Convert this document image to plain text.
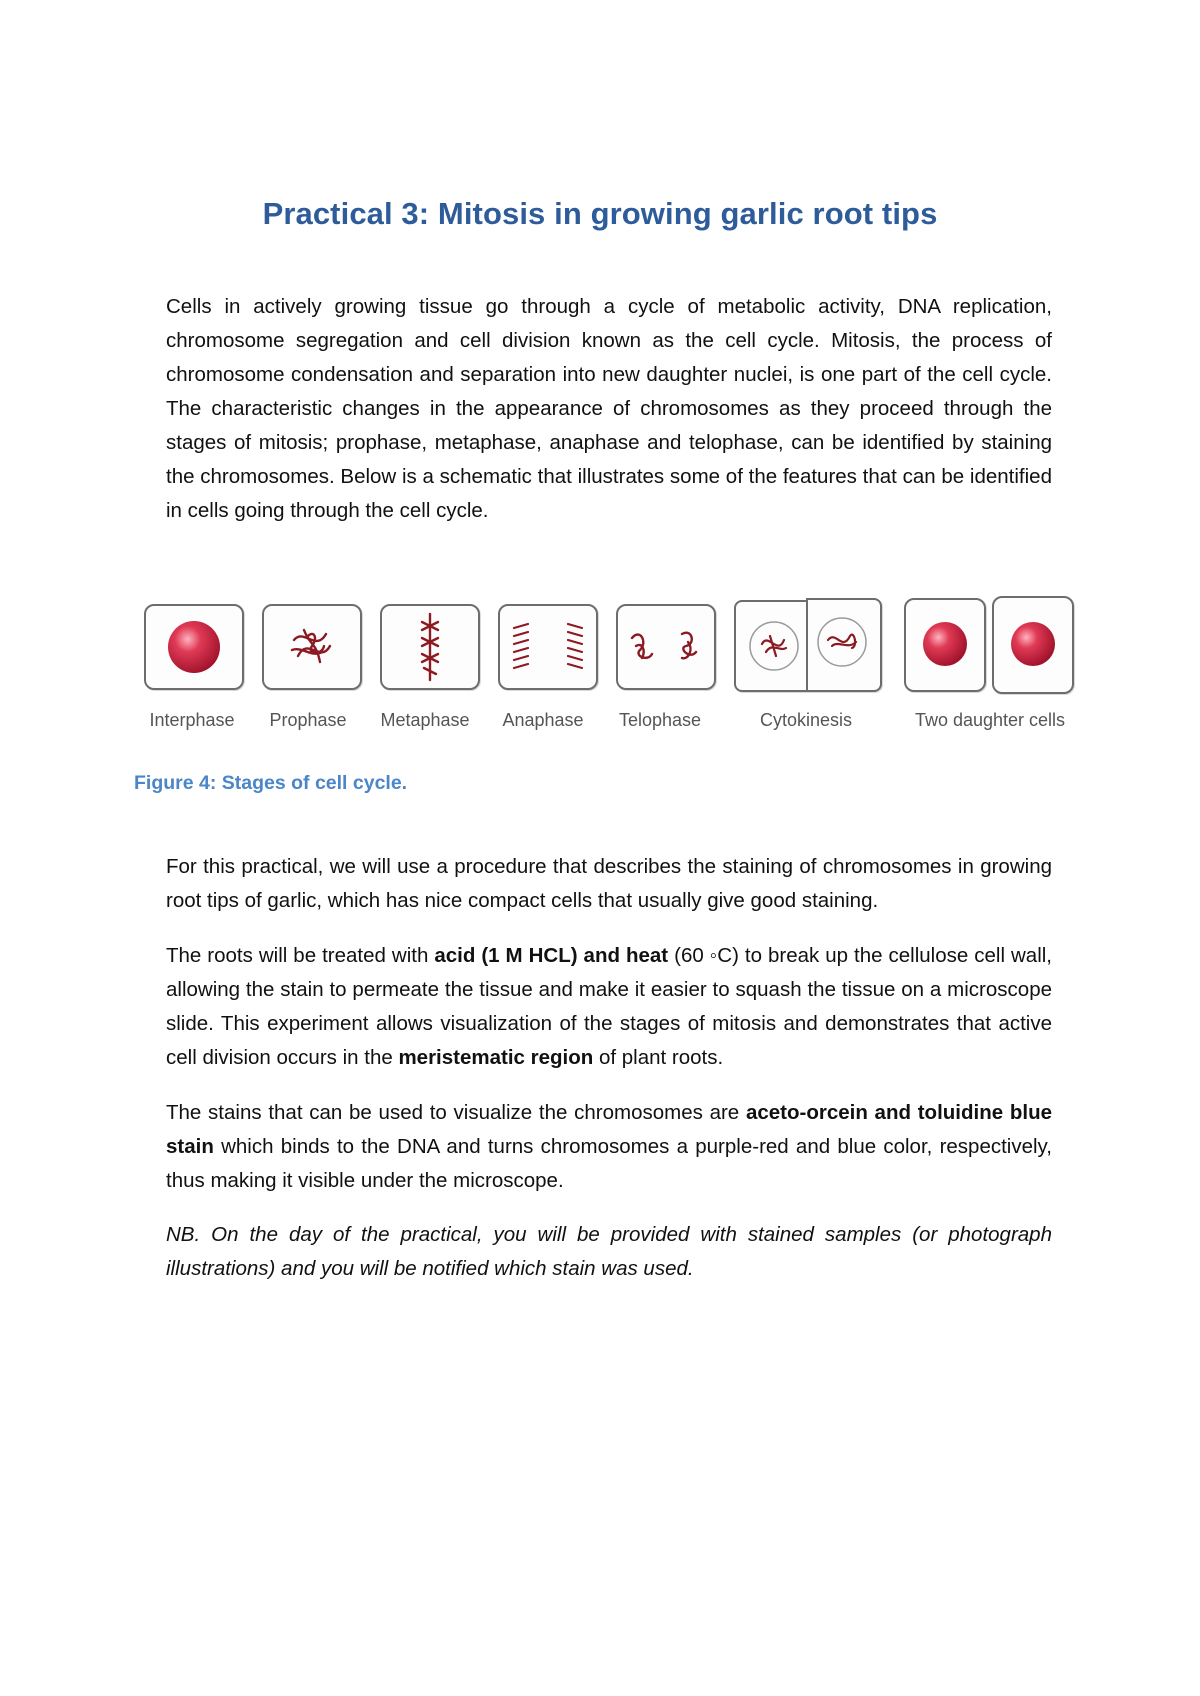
Practical 3: Mitosis in growing garlic root tips

Cells in actively growing tissue go through a cycle of metabolic activity, DNA replication, chromosome segregation and cell division known as the cell cycle. Mitosis, the process of chromosome condensation and separation into new daughter nuclei, is one part of the cell cycle. The characteristic changes in the appearance of chromosomes as they proceed through the stages of mitosis; prophase, metaphase, anaphase and telophase, can be identified by staining the chromosomes. Below is a schematic that illustrates some of the features that can be identified in cells going through the cell cycle.

Interphase Prophase Metaphase Anaphase Telophase	Cytokinesis	Two daughter cells
Figure 4: Stages of cell cycle.

For this practical, we will use a procedure that describes the staining of chromosomes in growing root tips of garlic, which has nice compact cells that usually give good staining.

The roots will be treated with acid (1 M HCL) and heat (60 ◦C) to break up the cellulose cell wall, allowing the stain to permeate the tissue and make it easier to squash the tissue on a microscope slide. This experiment allows visualization of the stages of mitosis and demonstrates that active cell division occurs in the meristematic region of plant roots.

The stains that can be used to visualize the chromosomes are aceto-orcein and toluidine blue stain which binds to the DNA and turns chromosomes a purple-red and blue color, respectively, thus making it visible under the microscope.

NB. On the day of the practical, you will be provided with stained samples (or photograph illustrations) and you will be notified which stain was used.
